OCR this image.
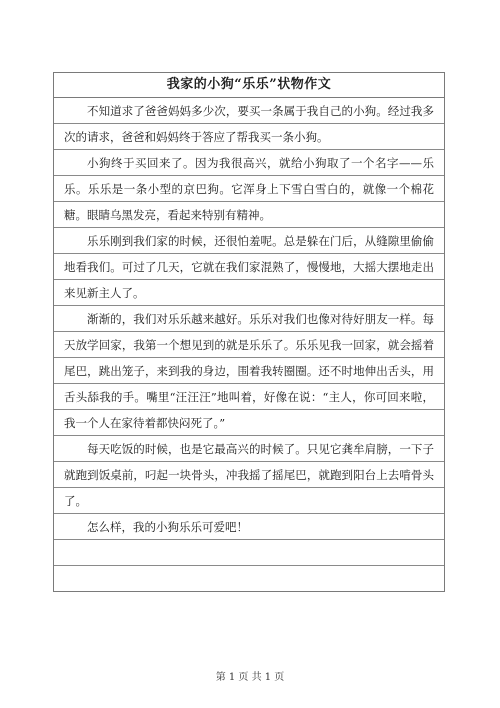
我家的小狗“乐乐”状物作文
不知道求了爸爸妈妈多少次，要买一条属于我自己的小狗。经过我多次的请求，爸爸和妈妈终于答应了帮我买一条小狗。
小狗终于买回来了。因为我很高兴，就给小狗取了一个名字——乐乐。乐乐是一条小型的京巴狗。它浑身上下雪白雪白的，就像一个棉花糖。眼睛乌黑发亮，看起来特别有精神。
乐乐刚到我们家的时候，还很怕羞呢。总是躲在门后，从缝隙里偷偷地看我们。可过了几天，它就在我们家混熟了，慢慢地，大摇大摆地走出来见新主人了。
渐渐的，我们对乐乐越来越好。乐乐对我们也像对待好朋友一样。每天放学回家，我第一个想见到的就是乐乐了。乐乐见我一回家，就会摇着尾巴，跳出笼子，来到我的身边，围着我转圈圈。还不时地伸出舌头，用舌头舔我的手。嘴里“汪汪汪”地叫着，好像在说：“主人，你可回来啦，我一个人在家待着都快闷死了。”
每天吃饭的时候，也是它最高兴的时候了。只见它龚牟肩膀，一下子就跑到饭桌前，叼起一块骨头，冲我摇了摇尾巴，就跑到阳台上去啃骨头了。
怎么样，我的小狗乐乐可爱吧！
第 1 页 共 1 页
